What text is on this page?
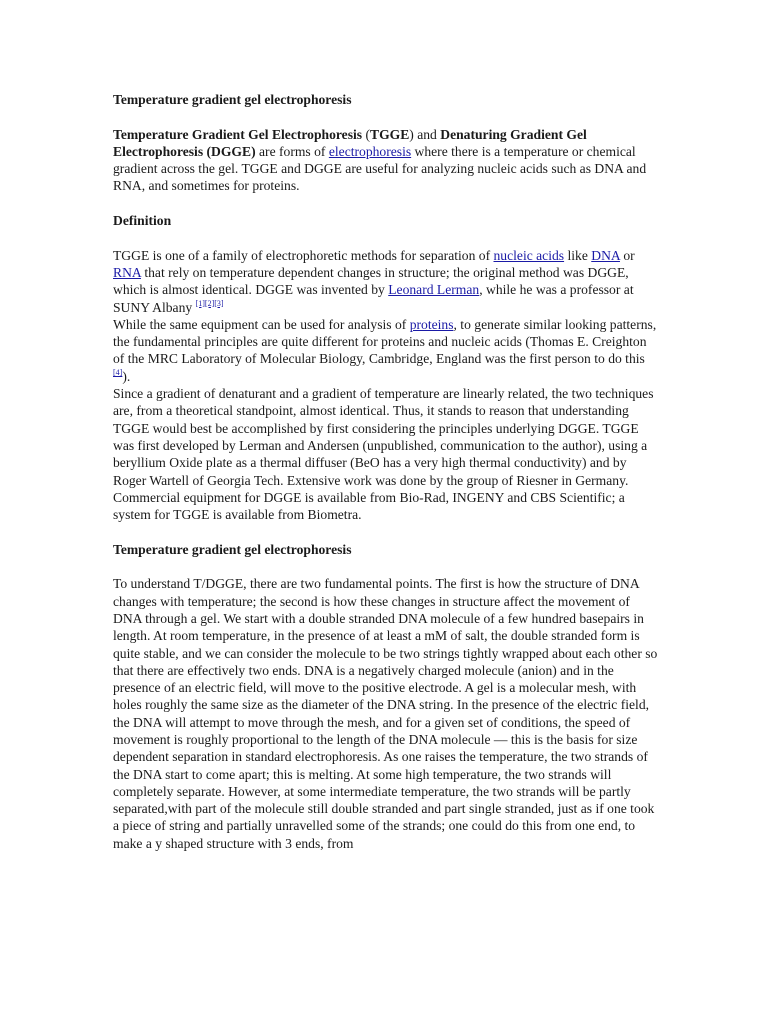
Temperature gradient gel electrophoresis

Temperature Gradient Gel Electrophoresis (TGGE) and Denaturing Gradient Gel Electrophoresis (DGGE) are forms of electrophoresis where there is a temperature or chemical gradient across the gel. TGGE and DGGE are useful for analyzing nucleic acids such as DNA and RNA, and sometimes for proteins.

Definition

TGGE is one of a family of electrophoretic methods for separation of nucleic acids like DNA or RNA that rely on temperature dependent changes in structure; the original method was DGGE, which is almost identical. DGGE was invented by Leonard Lerman, while he was a professor at SUNY Albany [1][2][3]

While the same equipment can be used for analysis of proteins, to generate similar looking patterns, the fundamental principles are quite different for proteins and nucleic acids (Thomas E. Creighton of the MRC Laboratory of Molecular Biology, Cambridge, England was the first person to do this [4]).

Since a gradient of denaturant and a gradient of temperature are linearly related, the two techniques are, from a theoretical standpoint, almost identical. Thus, it stands to reason that understanding TGGE would best be accomplished by first considering the principles underlying DGGE. TGGE was first developed by Lerman and Andersen (unpublished, communication to the author), using a beryllium Oxide plate as a thermal diffuser (BeO has a very high thermal conductivity) and by Roger Wartell of Georgia Tech. Extensive work was done by the group of Riesner in Germany. Commercial equipment for DGGE is available from Bio-Rad, INGENY and CBS Scientific; a system for TGGE is available from Biometra.

Temperature gradient gel electrophoresis

To understand T/DGGE, there are two fundamental points. The first is how the structure of DNA changes with temperature; the second is how these changes in structure affect the movement of DNA through a gel. We start with a double stranded DNA molecule of a few hundred basepairs in length. At room temperature, in the presence of at least a mM of salt, the double stranded form is quite stable, and we can consider the molecule to be two strings tightly wrapped about each other so that there are effectively two ends. DNA is a negatively charged molecule (anion) and in the presence of an electric field, will move to the positive electrode. A gel is a molecular mesh, with holes roughly the same size as the diameter of the DNA string. In the presence of the electric field, the DNA will attempt to move through the mesh, and for a given set of conditions, the speed of movement is roughly proportional to the length of the DNA molecule — this is the basis for size dependent separation in standard electrophoresis. As one raises the temperature, the two strands of the DNA start to come apart; this is melting. At some high temperature, the two strands will completely separate. However, at some intermediate temperature, the two strands will be partly separated,with part of the molecule still double stranded and part single stranded, just as if one took a piece of string and partially unravelled some of the strands; one could do this from one end, to make a y shaped structure with 3 ends, from
